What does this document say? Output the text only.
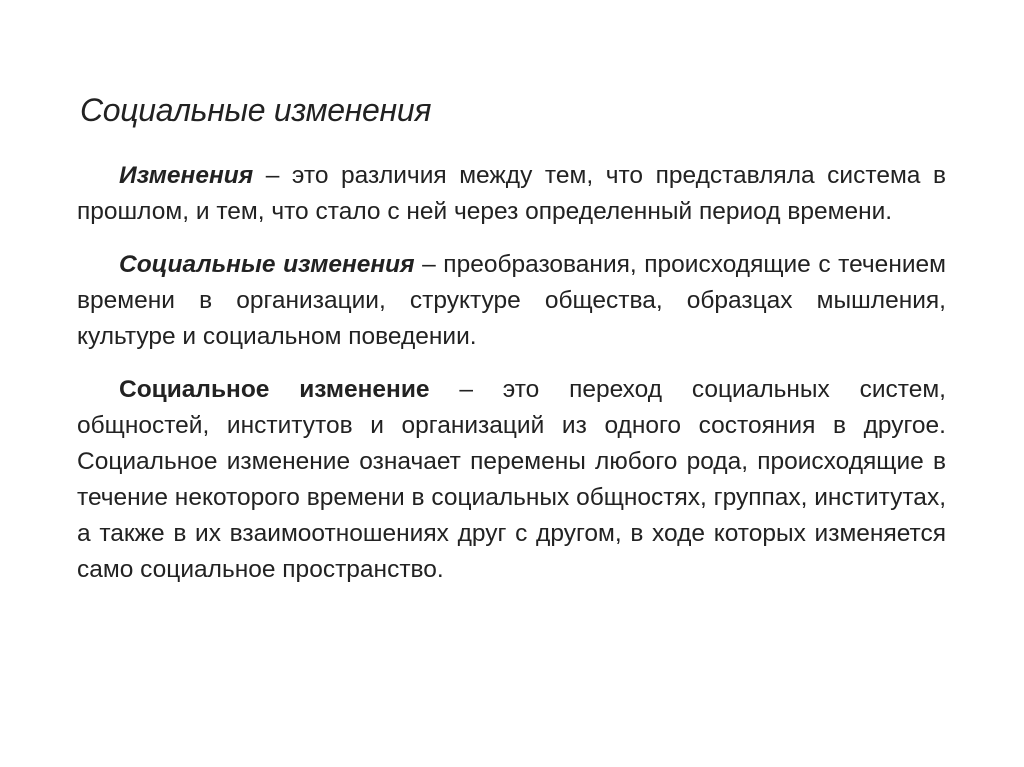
Социальные изменения

Изменения – это различия между тем, что представляла система в прошлом, и тем, что стало с ней через определенный период времени.

Социальные изменения – преобразования, происходящие с течением времени в организации, структуре общества, образцах мышления, культуре и социальном поведении.

Социальное изменение – это переход социальных систем, общностей, институтов и организаций из одного состояния в другое. Социальное изменение означает перемены любого рода, происходящие в течение некоторого времени в социальных общностях, группах, институтах, а также в их взаимоотношениях друг с другом, в ходе которых изменяется само социальное пространство.
